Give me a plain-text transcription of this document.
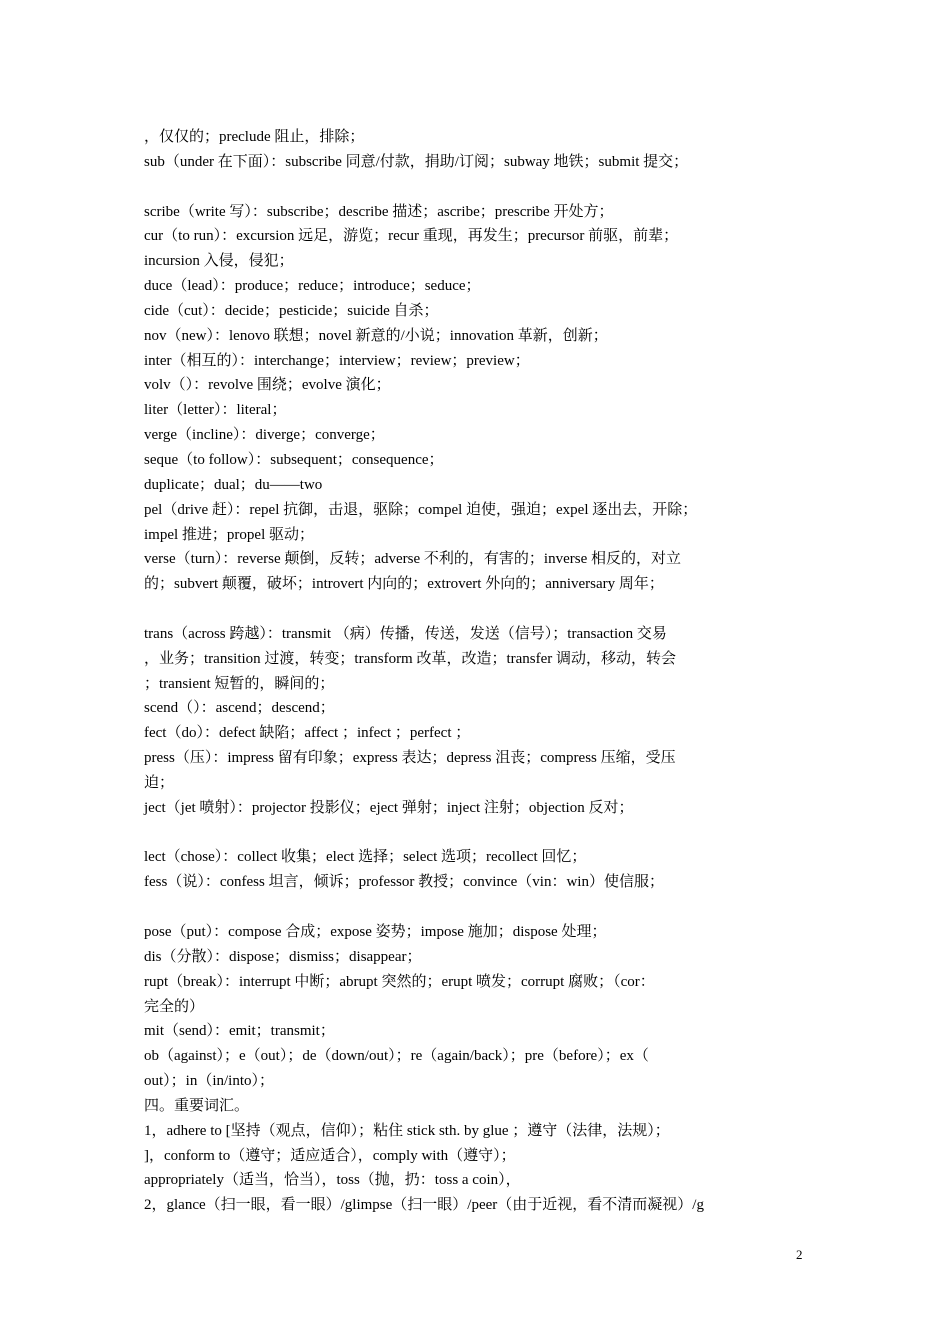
，仅仅的；preclude 阻止，排除；
sub（under 在下面）：subscribe 同意/付款，捐助/订阅；subway 地铁；submit 提交；
scribe（write 写）：subscribe；describe 描述；ascribe；prescribe 开处方；
cur（to run）：excursion 远足，游览；recur 重现，再发生；precursor 前驱，前辈；
incursion 入侵，侵犯；
duce（lead）：produce；reduce；introduce；seduce；
cide（cut）：decide；pesticide；suicide 自杀；
nov（new）：lenovo 联想；novel 新意的/小说；innovation 革新，创新；
inter（相互的）：interchange；interview；review；preview；
volv（）：revolve 围绕；evolve 演化；
liter（letter）：literal；
verge（incline）：diverge；converge；
seque（to follow）：subsequent；consequence；
duplicate；dual；du——two
pel（drive 赶）：repel 抗御，击退，驱除；compel 迫使，强迫；expel 逐出去，开除；
impel 推进；propel 驱动；
verse（turn）：reverse 颠倒，反转；adverse 不利的，有害的；inverse 相反的，对立
的；subvert 颠覆，破坏；introvert 内向的；extrovert 外向的；anniversary 周年；
trans（across 跨越）：transmit （病）传播，传送，发送（信号）；transaction 交易
，业务；transition 过渡，转变；transform 改革，改造；transfer 调动，移动，转会
；transient 短暂的，瞬间的；
scend（）：ascend；descend；
fect（do）：defect 缺陷；affect ；infect ；perfect ；
press（压）：impress 留有印象；express 表达；depress 沮丧；compress 压缩，受压
迫；
ject（jet 喷射）：projector 投影仪；eject 弹射；inject 注射；objection 反对；
lect（chose）：collect 收集；elect 选择；select 选项；recollect 回忆；
fess（说）：confess 坦言，倾诉；professor 教授；convince（vin：win）使信服；
pose（put）：compose 合成；expose 姿势；impose 施加；dispose 处理；
dis（分散）：dispose；dismiss；disappear；
rupt（break）：interrupt 中断；abrupt 突然的；erupt 喷发；corrupt 腐败；（cor：
完全的）
mit（send）：emit；transmit；
ob（against）；e（out）；de（down/out）；re（again/back）；pre（before）；ex（
out）；in（in/into）；
四。重要词汇。
1，adhere to [坚持（观点，信仰）；粘住 stick sth. by glue ；遵守（法律，法规）；
]，conform to（遵守；适应适合），comply with（遵守）；
appropriately（适当，恰当），toss（抛，扔：toss a coin），
2，glance（扫一眼，看一眼）/glimpse（扫一眼）/peer（由于近视，看不清而凝视）/g
2
